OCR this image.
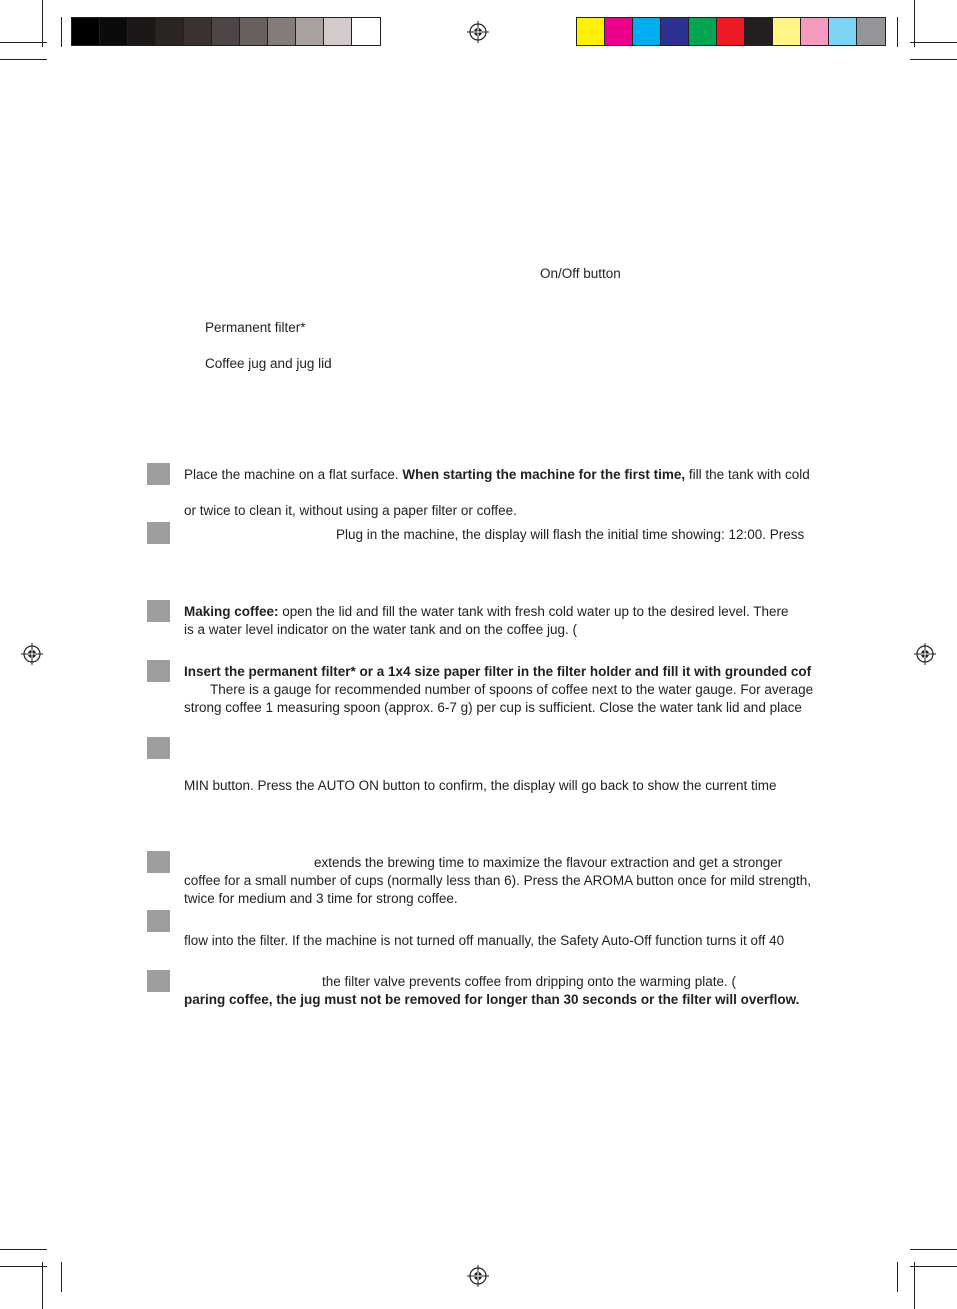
On/Off button
Permanent filter*
Coffee jug and jug lid
Place the machine on a flat surface. When starting the machine for the first time, fill the tank with cold
or twice to clean it, without using a paper filter or coffee.
Plug in the machine, the display will flash the initial time showing: 12:00. Press
Making coffee: open the lid and fill the water tank with fresh cold water up to the desired level. There
is a water level indicator on the water tank and on the coffee jug. (
Insert the permanent filter* or a 1x4 size paper filter in the filter holder and fill it with grounded cof
There is a gauge for recommended number of spoons of coffee next to the water gauge. For average
strong coffee 1 measuring spoon (approx. 6-7 g) per cup is sufficient. Close the water tank lid and place
MIN button. Press the AUTO ON button to confirm, the display will go back to show the current time
extends the brewing time to maximize the flavour extraction and get a stronger
coffee for a small number of cups (normally less than 6). Press the AROMA button once for mild strength,
twice for medium and 3 time for strong coffee.
flow into the filter. If the machine is not turned off manually, the Safety Auto-Off function turns it off 40
the filter valve prevents coffee from dripping onto the warming plate. (
paring coffee, the jug must not be removed for longer than 30 seconds or the filter will overflow.
